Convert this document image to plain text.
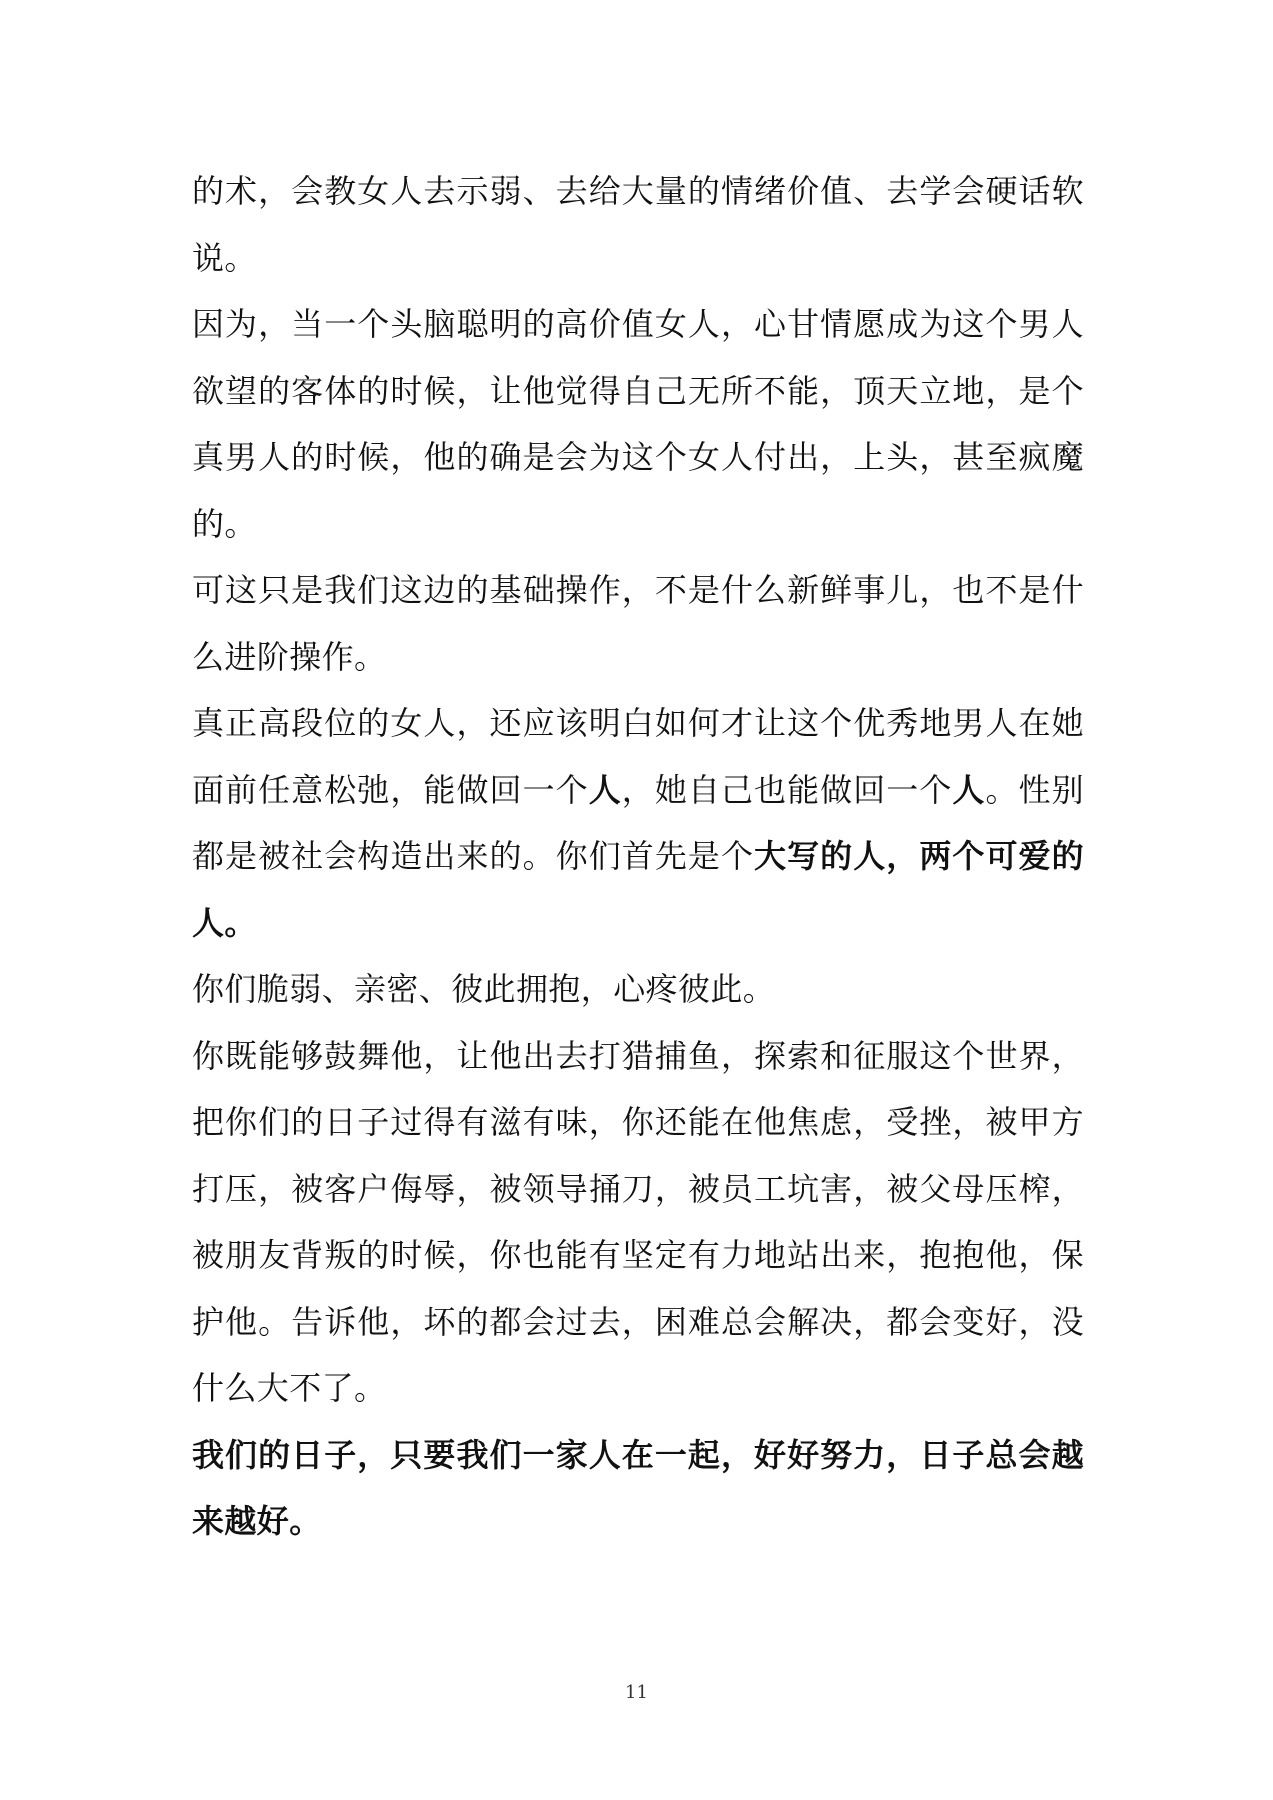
的术，会教女人去示弱、去给大量的情绪价值、去学会硬话软说。

因为，当一个头脑聪明的高价值女人，心甘情愿成为这个男人欲望的客体的时候，让他觉得自己无所不能，顶天立地，是个真男人的时候，他的确是会为这个女人付出，上头，甚至疯魔的。

可这只是我们这边的基础操作，不是什么新鲜事儿，也不是什么进阶操作。

真正高段位的女人，还应该明白如何才让这个优秀地男人在她面前任意松弛，能做回一个人，她自己也能做回一个人。性别都是被社会构造出来的。你们首先是个大写的人，两个可爱的人。

你们脆弱、亲密、彼此拥抱，心疼彼此。

你既能够鼓舞他，让他出去打猎捕鱼，探索和征服这个世界，把你们的日子过得有滋有味，你还能在他焦虑，受挫，被甲方打压，被客户侮辱，被领导捅刀，被员工坑害，被父母压榨，被朋友背叛的时候，你也能有坚定有力地站出来，抱抱他，保护他。告诉他，坏的都会过去，困难总会解决，都会变好，没什么大不了。

我们的日子，只要我们一家人在一起，好好努力，日子总会越来越好。

11
